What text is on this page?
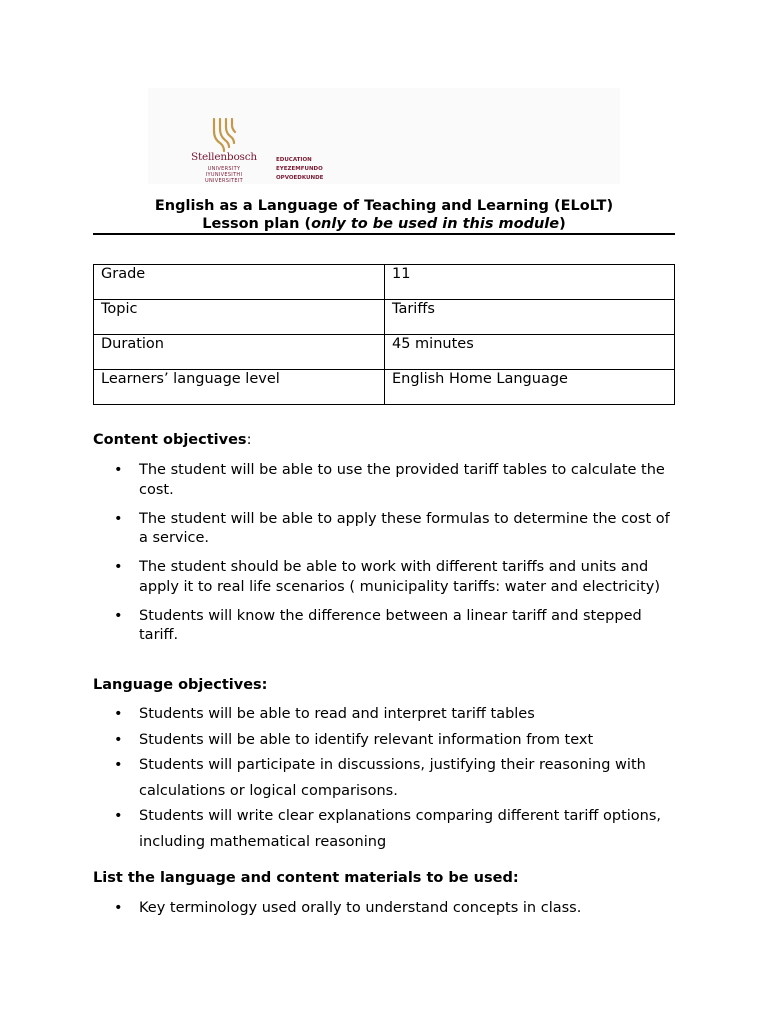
Stellenbosch
UNIVERSITY
IYUNIVESITHI
UNIVERSITEIT
EDUCATION
EYEZEMFUNDO
OPVOEDKUNDE
English as a Language of Teaching and Learning (ELoLT)
Lesson plan (only to be used in this module)
Grade	11
Topic	Tariffs
Duration	45 minutes
Learners’ language level	English Home Language
Content objectives:
• The student will be able to use the provided tariff tables to calculate the cost.
• The student will be able to apply these formulas to determine the cost of a service.
• The student should be able to work with different tariffs and units and apply it to real life scenarios ( municipality tariffs: water and electricity)
• Students will know the difference between a linear tariff and stepped tariff.
Language objectives:
• Students will be able to read and interpret tariff tables
• Students will be able to identify relevant information from text
• Students will participate in discussions, justifying their reasoning with calculations or logical comparisons.
• Students will write clear explanations comparing different tariff options, including mathematical reasoning
List the language and content materials to be used:
• Key terminology used orally to understand concepts in class.
